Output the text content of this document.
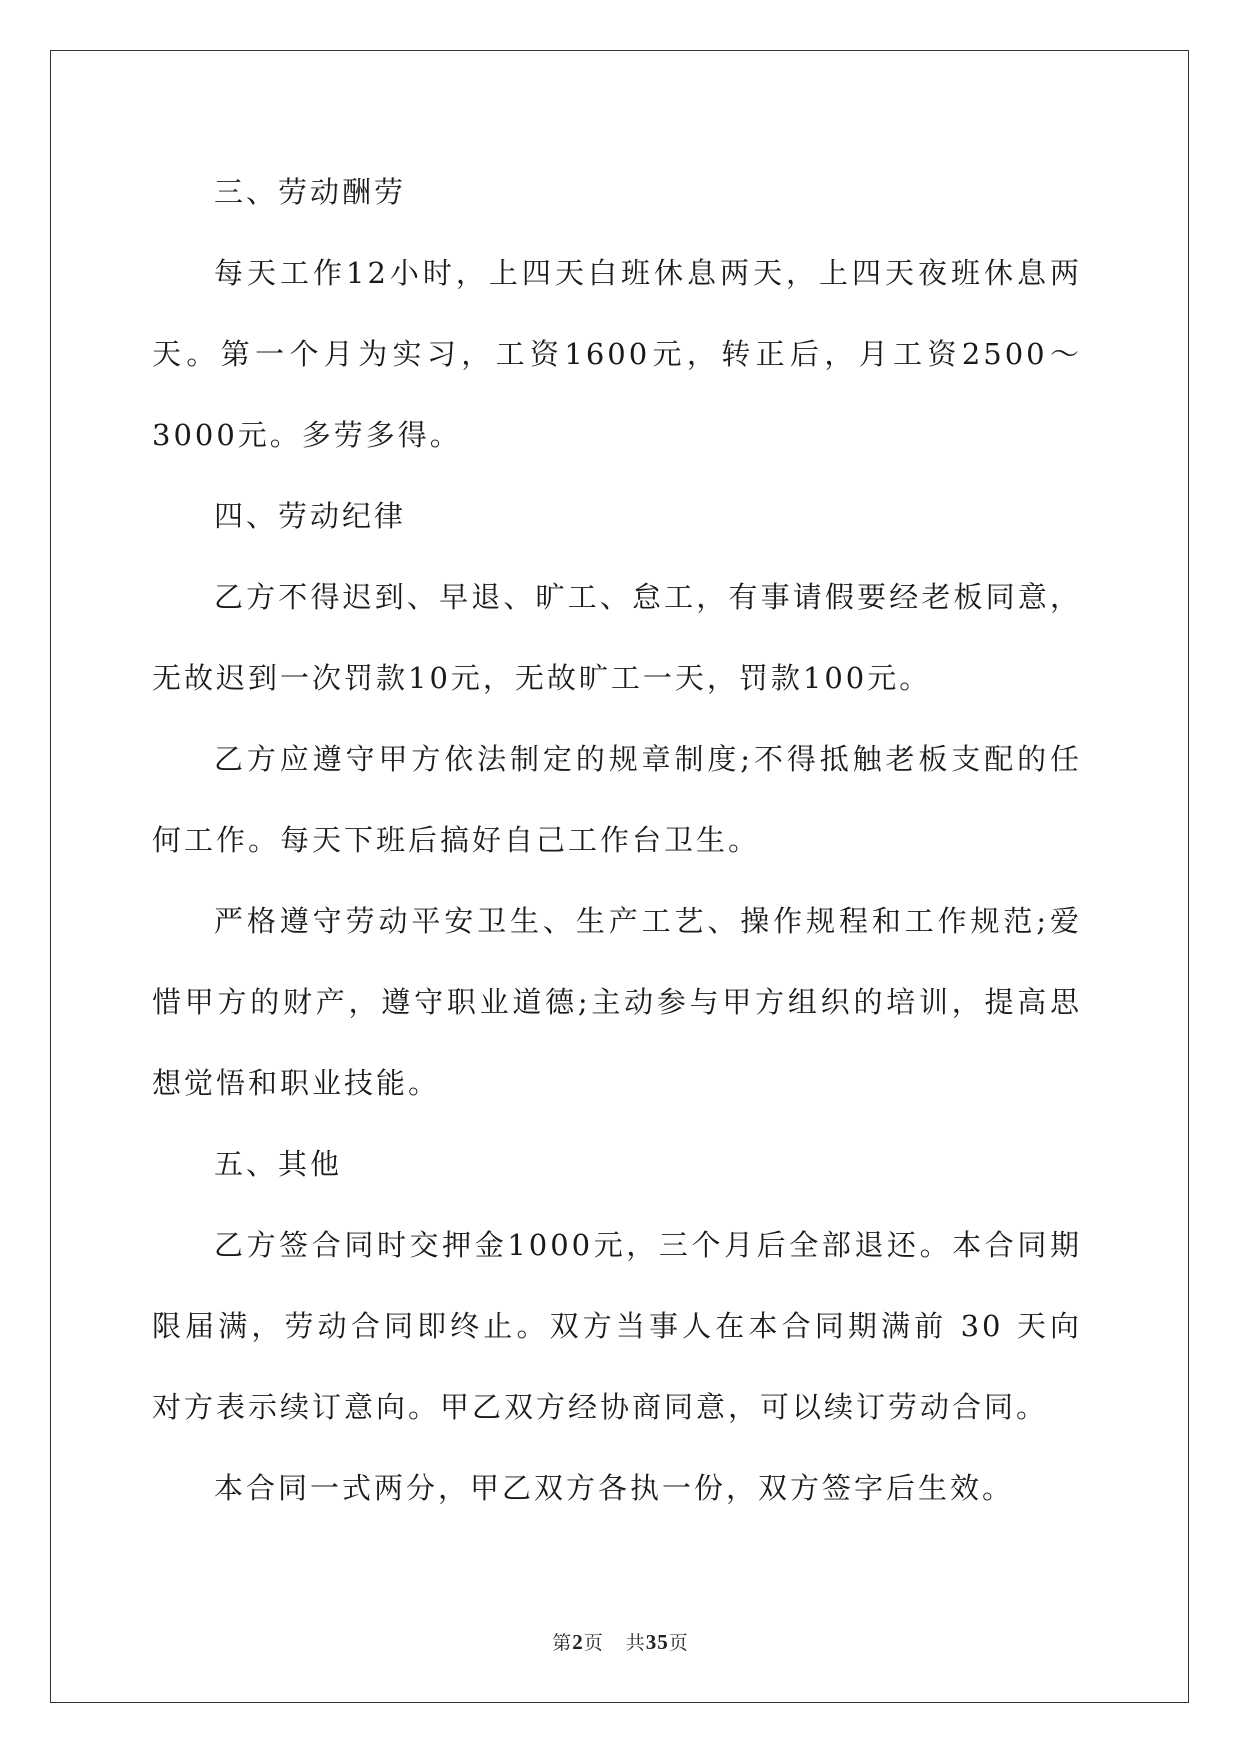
三、劳动酬劳

每天工作12小时，上四天白班休息两天，上四天夜班休息两天。第一个月为实习，工资1600元，转正后，月工资2500～3000元。多劳多得。

四、劳动纪律

乙方不得迟到、早退、旷工、怠工，有事请假要经老板同意，无故迟到一次罚款10元，无故旷工一天，罚款100元。

乙方应遵守甲方依法制定的规章制度;不得抵触老板支配的任何工作。每天下班后搞好自己工作台卫生。

严格遵守劳动平安卫生、生产工艺、操作规程和工作规范;爱惜甲方的财产，遵守职业道德;主动参与甲方组织的培训，提高思想觉悟和职业技能。

五、其他

乙方签合同时交押金1000元，三个月后全部退还。本合同期限届满，劳动合同即终止。双方当事人在本合同期满前 30 天向对方表示续订意向。甲乙双方经协商同意，可以续订劳动合同。

本合同一式两分，甲乙双方各执一份，双方签字后生效。

第2页 共35页
